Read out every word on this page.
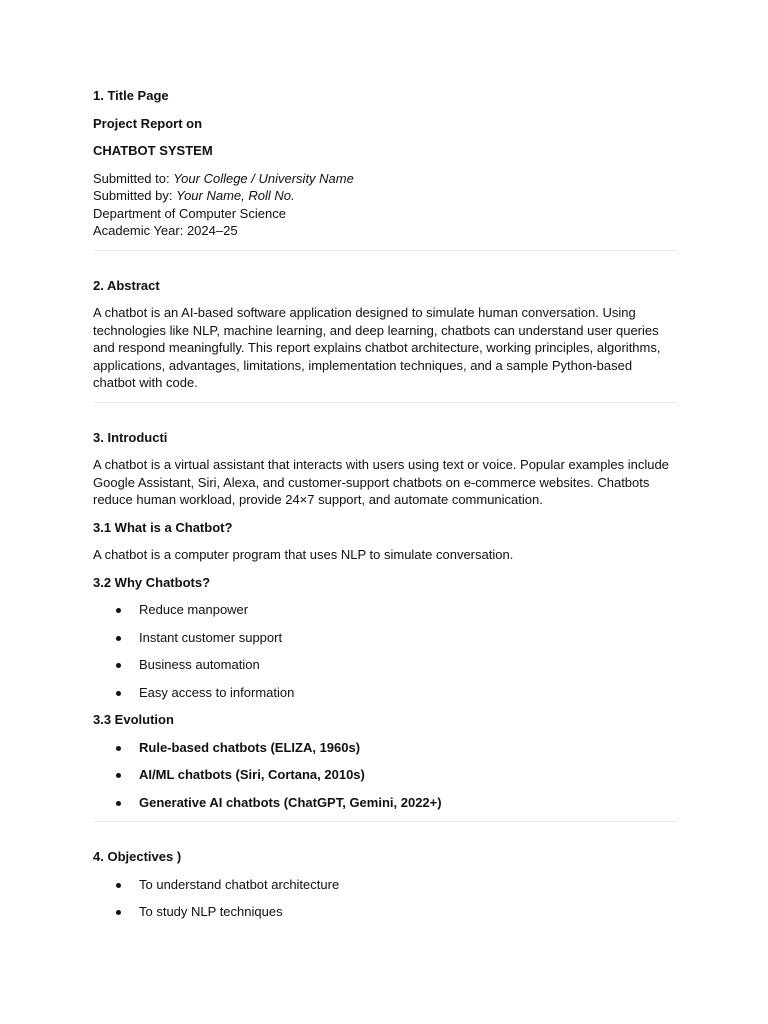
1. Title Page

Project Report on

CHATBOT SYSTEM

Submitted to: Your College / University Name

Submitted by: Your Name, Roll No.

Department of Computer Science

Academic Year: 2024–25

2. Abstract

A chatbot is an AI-based software application designed to simulate human conversation. Using technologies like NLP, machine learning, and deep learning, chatbots can understand user queries and respond meaningfully. This report explains chatbot architecture, working principles, algorithms, applications, advantages, limitations, implementation techniques, and a sample Python-based chatbot with code.

3. Introducti

A chatbot is a virtual assistant that interacts with users using text or voice. Popular examples include Google Assistant, Siri, Alexa, and customer-support chatbots on e-commerce websites. Chatbots reduce human workload, provide 24×7 support, and automate communication.

3.1 What is a Chatbot?

A chatbot is a computer program that uses NLP to simulate conversation.

3.2 Why Chatbots?

Reduce manpower
Instant customer support
Business automation
Easy access to information

3.3 Evolution

Rule-based chatbots (ELIZA, 1960s)
AI/ML chatbots (Siri, Cortana, 2010s)
Generative AI chatbots (ChatGPT, Gemini, 2022+)

4. Objectives )

To understand chatbot architecture
To study NLP techniques
